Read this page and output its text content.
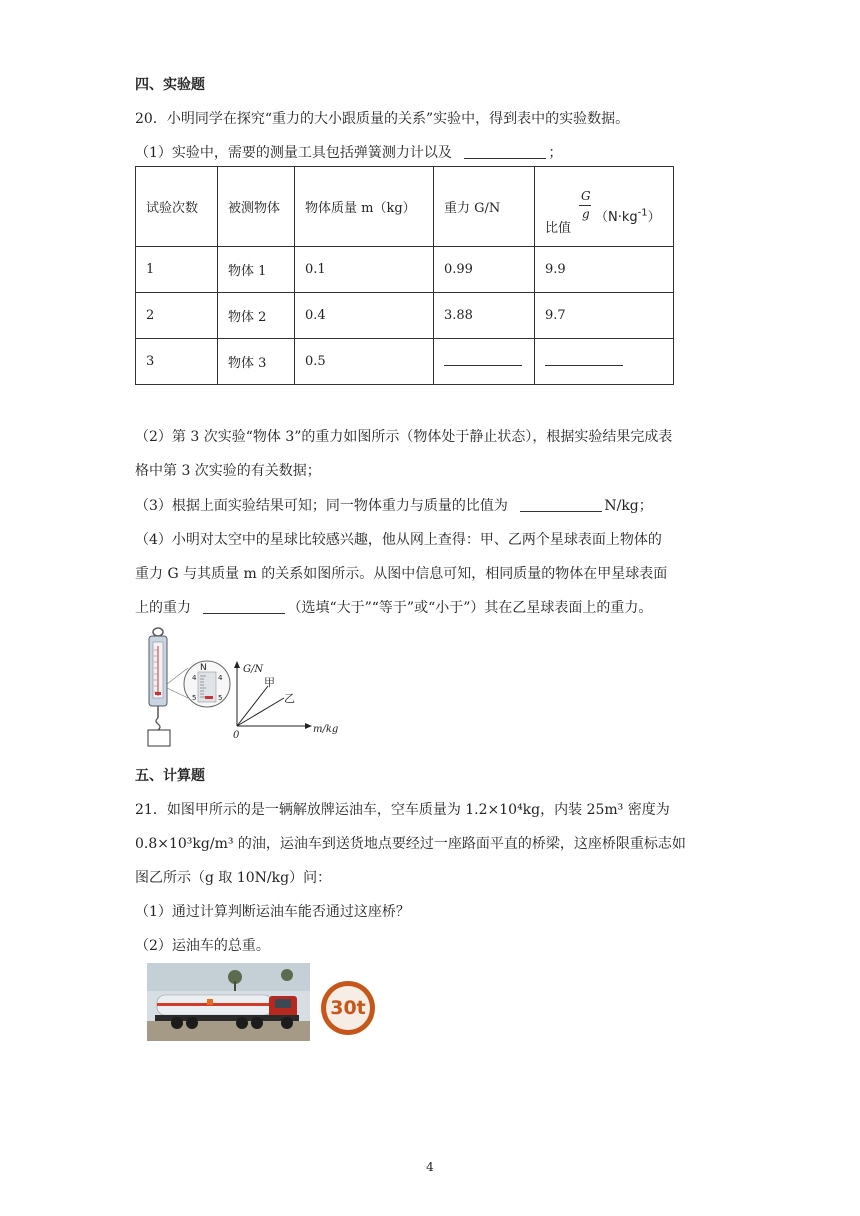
四、实验题
20．小明同学在探究“重力的大小跟质量的关系”实验中，得到表中的实验数据。
（1）实验中，需要的测量工具包括弹簧测力计以及	；
试验次数	被测物体	物体质量 m（kg）	重力 G/N	比值
G
g $(N\cdot kg^{-1})$

1	物体 1	0.1	0.99	9.9
2	物体 2	0.4	3.88	9.7
3	物体 3	0.5		
（2）第 3 次实验“物体 3”的重力如图所示（物体处于静止状态），根据实验结果完成表
格中第 3 次实验的有关数据；
（3）根据上面实验结果可知；同一物体重力与质量的比值为	N/kg；
（4）小明对太空中的星球比较感兴趣，他从网上查得：甲、乙两个星球表面上物体的
重力 G 与其质量 m 的关系如图所示。从图中信息可知，相同质量的物体在甲星球表面
上的重力	（选填“大于”“等于”或“小于”）其在乙星球表面上的重力。
N
4	4
5	5
G/N
m/kg
0
甲
乙
五、计算题
21．如图甲所示的是一辆解放牌运油车，空车质量为 1.2×10⁴kg，内装 25m³ 密度为
0.8×10³kg/m³ 的油，运油车到送货地点要经过一座路面平直的桥梁，这座桥限重标志如
图乙所示（g 取 10N/kg）问：
（1）通过计算判断运油车能否通过这座桥？
（2）运油车的总重。
30t
4
